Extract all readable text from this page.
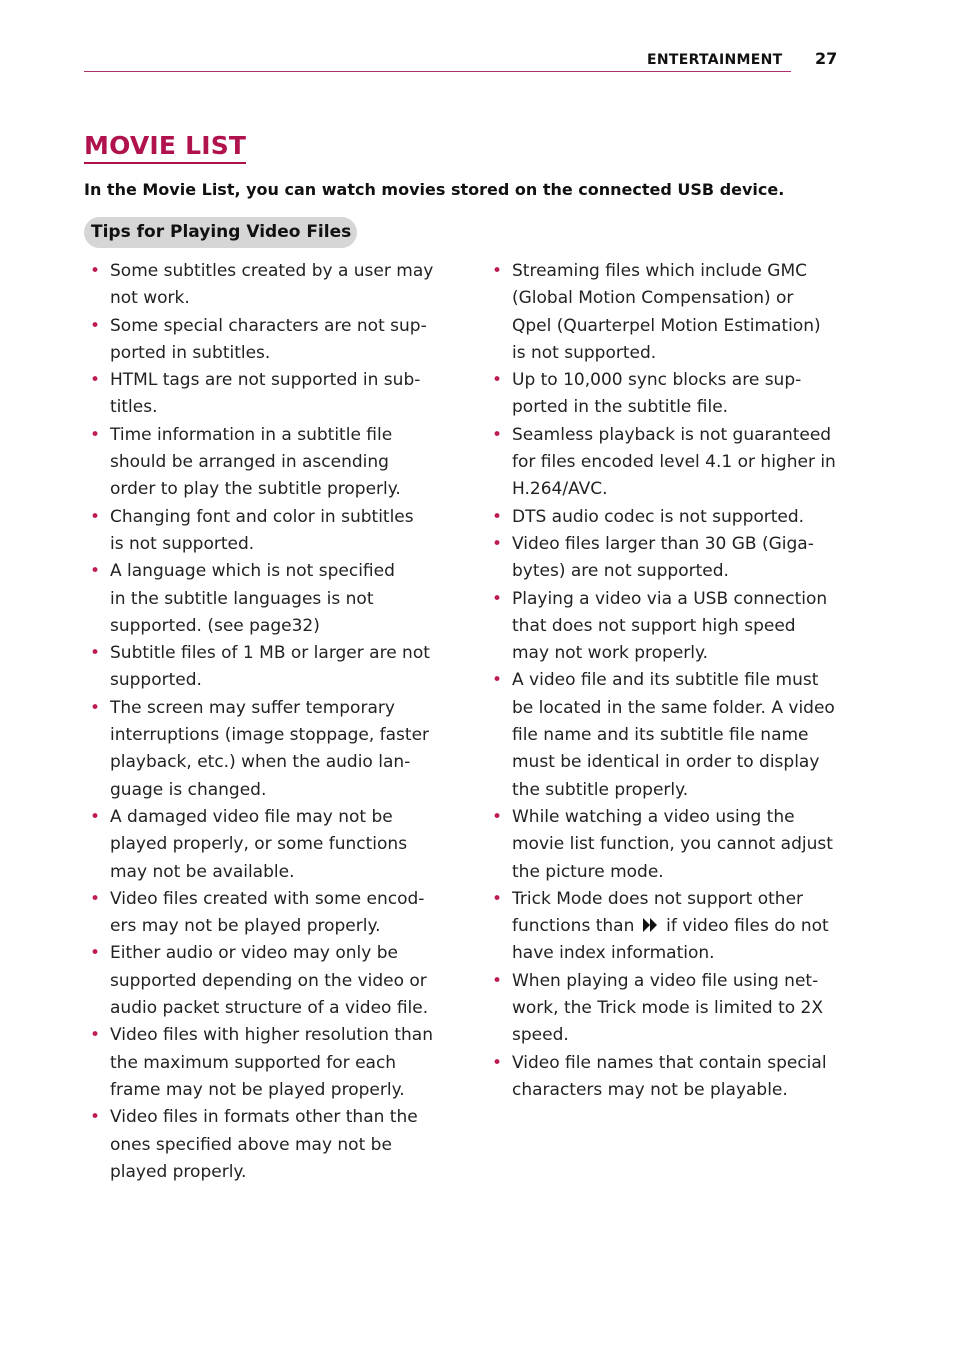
ENTERTAINMENT 27
MOVIE LIST

In the Movie List, you can watch movies stored on the connected USB device.

Tips for Playing Video Files
• Some subtitles created by a user may
not work.
• Some special characters are not sup-
ported in subtitles.
• HTML tags are not supported in sub-
titles.
• Time information in a subtitle file
should be arranged in ascending
order to play the subtitle properly.
• Changing font and color in subtitles
is not supported.
• A language which is not specified
in the subtitle languages is not
supported. (see page32)
• Subtitle files of 1 MB or larger are not
supported.
• The screen may suffer temporary
interruptions (image stoppage, faster
playback, etc.) when the audio lan-
guage is changed.
• A damaged video file may not be
played properly, or some functions
may not be available.
• Video files created with some encod-
ers may not be played properly.
• Either audio or video may only be
supported depending on the video or
audio packet structure of a video file.
• Video files with higher resolution than
the maximum supported for each
frame may not be played properly.
• Video files in formats other than the
ones specified above may not be
played properly.
• Streaming files which include GMC
(Global Motion Compensation) or
Qpel (Quarterpel Motion Estimation)
is not supported.
• Up to 10,000 sync blocks are sup-
ported in the subtitle file.
• Seamless playback is not guaranteed
for files encoded level 4.1 or higher in
H.264/AVC.
• DTS audio codec is not supported.
• Video files larger than 30 GB (Giga-
bytes) are not supported.
• Playing a video via a USB connection
that does not support high speed
may not work properly.
• A video file and its subtitle file must
be located in the same folder. A video
file name and its subtitle file name
must be identical in order to display
the subtitle properly.
• While watching a video using the
movie list function, you cannot adjust
the picture mode.
• Trick Mode does not support other
functions than  if video files do not
have index information.
• When playing a video file using net-
work, the Trick mode is limited to 2X
speed.
• Video file names that contain special
characters may not be playable.
